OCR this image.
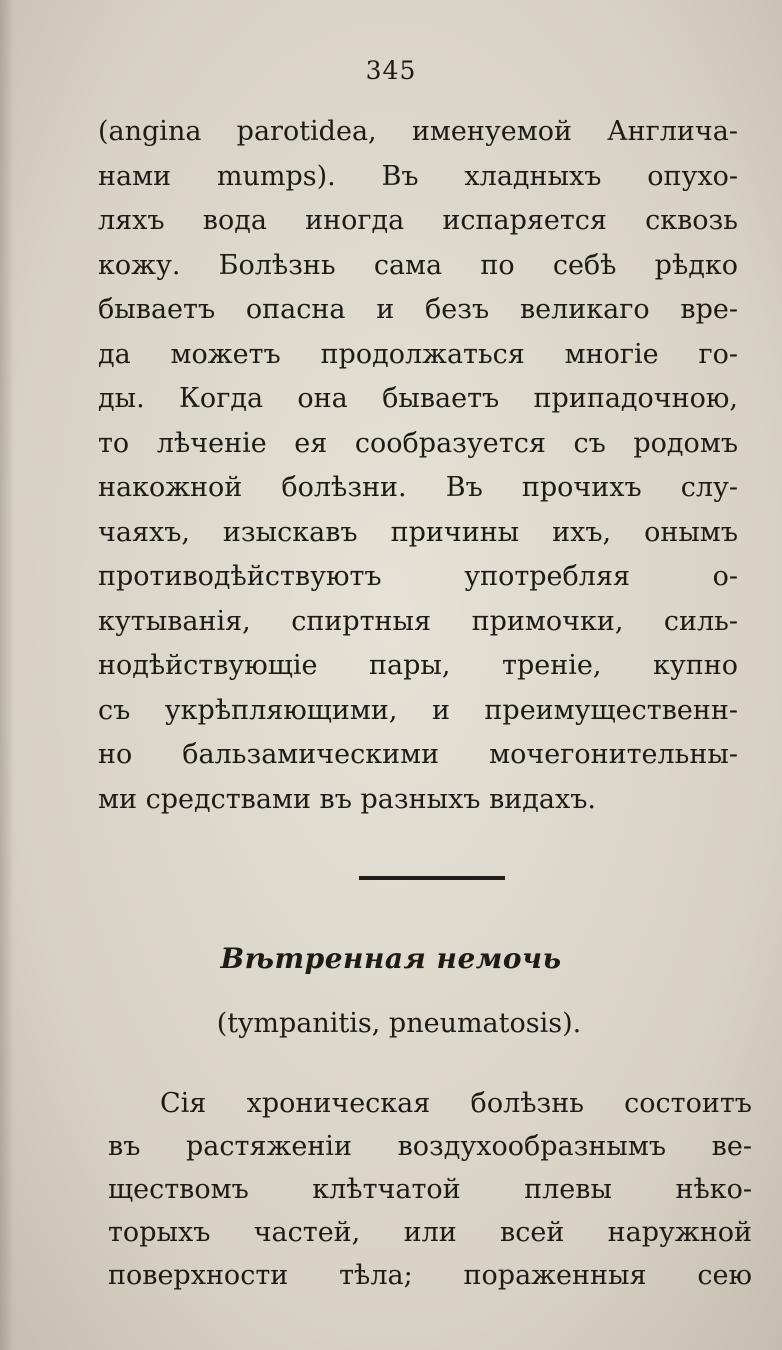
345
(angina parotidea, именуемой Англича-
нами mumps). Въ хладныхъ опухо-
ляхъ вода иногда испаряется сквозь
кожу. Болѣзнь сама по себѣ рѣдко
бываетъ опасна и безъ великаго вре-
да можетъ продолжаться многiе го-
ды. Когда она бываетъ припадочною,
то лѣченiе ея сообразуется съ родомъ
накожной болѣзни. Въ прочихъ слу-
чаяхъ, изыскавъ причины ихъ, онымъ
противодѣйствуютъ употребляя о-
кутыванiя, спиртныя примочки, силь-
нодѣйствующiе пары, тренiе, купно
съ укрѣпляющими, и преимущественн-
но бальзамическими мочегонительны-
ми средствами въ разныхъ видахъ.
Вѣтренная немочь
(tympanitis, pneumatosis).
Сiя хроническая болѣзнь состоитъ
въ растяженiи воздухообразнымъ ве-
ществомъ клѣтчатой плевы нѣко-
торыхъ частей, или всей наружной
поверхности тѣла; пораженныя сею
